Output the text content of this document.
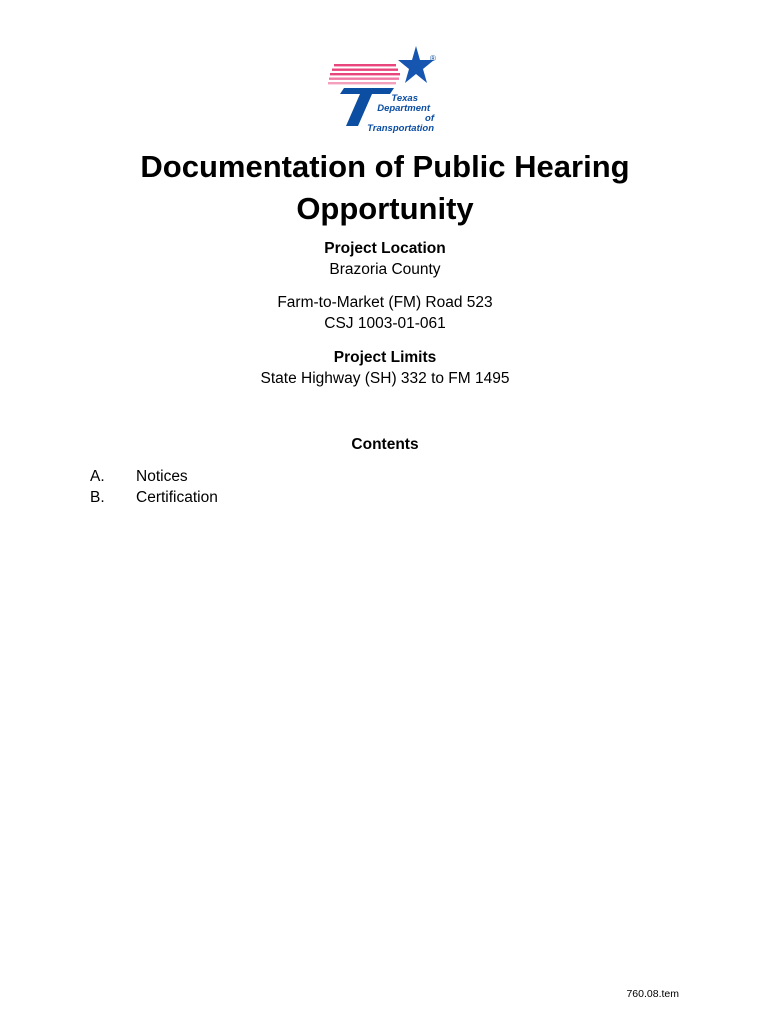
®
Texas
Department
of Transportation
Documentation of Public Hearing
Opportunity
Project Location
Brazoria County
Farm-to-Market (FM) Road 523
CSJ 1003-01-061
Project Limits
State Highway (SH) 332 to FM 1495
Contents
A.	Notices
B.	Certification
760.08.tem
